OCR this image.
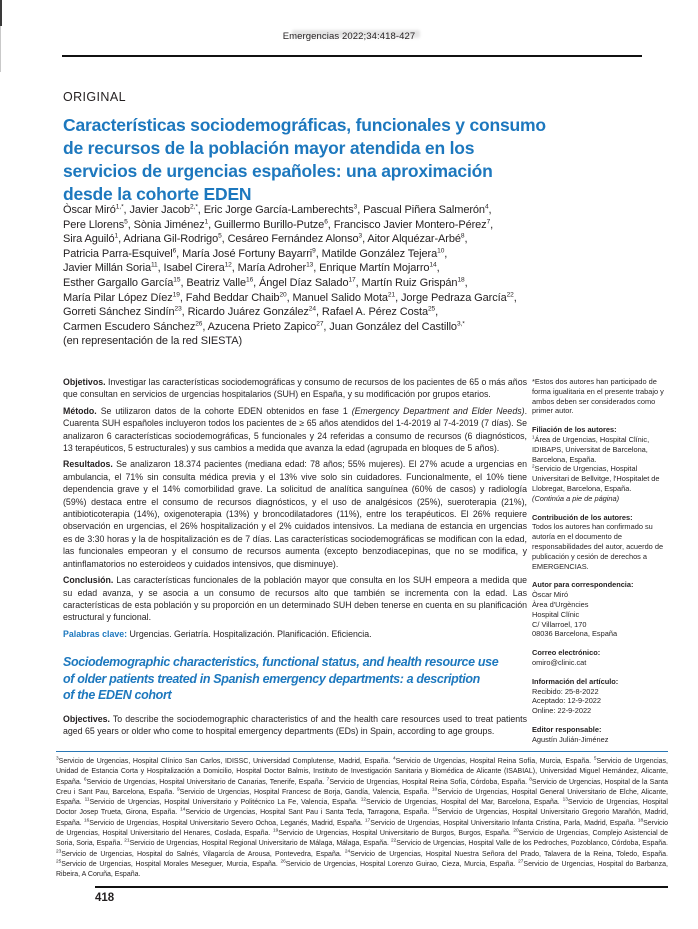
Emergencias 2022;34:418-427
ORIGINAL
Características sociodemográficas, funcionales y consumo
de recursos de la población mayor atendida en los
servicios de urgencias españoles: una aproximación
desde la cohorte EDEN
Òscar Miró$^{1,*}$, Javier Jacob$^{2,*}$, Eric Jorge García-Lamberechts$^3$, Pascual Piñera Salmerón$^4$,
Pere Llorens$^5$, Sònia Jiménez$^1$, Guillermo Burillo-Putze$^6$, Francisco Javier Montero-Pérez$^7$,
Sira Aguiló$^1$, Adriana Gil-Rodrigo$^5$, Cesáreo Fernández Alonso$^3$, Aitor Alquézar-Arbé$^8$,
Patricia Parra-Esquivel$^6$, María José Fortuny Bayarri$^9$, Matilde González Tejera$^{10}$,
Javier Millán Soria$^{11}$, Isabel Cirera$^{12}$, María Adroher$^{13}$, Enrique Martín Mojarro$^{14}$,
Esther Gargallo García$^{15}$, Beatriz Valle$^{16}$, Ángel Díaz Salado$^{17}$, Martín Ruiz Grispán$^{18}$,
María Pilar López Díez$^{19}$, Fahd Beddar Chaib$^{20}$, Manuel Salido Mota$^{21}$, Jorge Pedraza García$^{22}$,
Gorreti Sánchez Sindín$^{23}$, Ricardo Juárez González$^{24}$, Rafael A. Pérez Costa$^{25}$,
Carmen Escudero Sánchez$^{26}$, Azucena Prieto Zapico$^{27}$, Juan González del Castillo$^{3,*}$
(en representación de la red SIESTA)

Objetivos. Investigar las características sociodemográficas y consumo de recursos de los pacientes de 65 o más años que consultan en servicios de urgencias hospitalarios (SUH) en España, y su modificación por grupos etarios.

Método. Se utilizaron datos de la cohorte EDEN obtenidos en fase 1 (Emergency Department and Elder Needs). Cuarenta SUH españoles incluyeron todos los pacientes de ≥ 65 años atendidos del 1-4-2019 al 7-4-2019 (7 días). Se analizaron 6 características sociodemográficas, 5 funcionales y 24 referidas a consumo de recursos (6 diagnósticos, 13 terapéuticos, 5 estructurales) y sus cambios a medida que avanza la edad (agrupada en bloques de 5 años).

Resultados. Se analizaron 18.374 pacientes (mediana edad: 78 años; 55% mujeres). El 27% acude a urgencias en ambulancia, el 71% sin consulta médica previa y el 13% vive solo sin cuidadores. Funcionalmente, el 10% tiene dependencia grave y el 14% comorbilidad grave. La solicitud de analítica sanguínea (60% de casos) y radiología (59%) destaca entre el consumo de recursos diagnósticos, y el uso de analgésicos (25%), sueroterapia (21%), antibioticoterapia (14%), oxigenoterapia (13%) y broncodilatadores (11%), entre los terapéuticos. El 26% requiere observación en urgencias, el 26% hospitalización y el 2% cuidados intensivos. La mediana de estancia en urgencias es de 3:30 horas y la de hospitalización es de 7 días. Las características sociodemográficas se modifican con la edad, las funcionales empeoran y el consumo de recursos aumenta (excepto benzodiacepinas, que no se modifica, y antinflamatorios no esteroideos y cuidados intensivos, que disminuye).

Conclusión. Las características funcionales de la población mayor que consulta en los SUH empeora a medida que su edad avanza, y se asocia a un consumo de recursos alto que también se incrementa con la edad. Las características de esta población y su proporción en un determinado SUH deben tenerse en cuenta en su planificación estructural y funcional.

Palabras clave: Urgencias. Geriatría. Hospitalización. Planificación. Eficiencia.

Sociodemographic characteristics, functional status, and health resource use
of older patients treated in Spanish emergency departments: a description
of the EDEN cohort

Objectives. To describe the sociodemographic characteristics of and the health care resources used to treat patients aged 65 years or older who come to hospital emergency departments (EDs) in Spain, according to age groups.

*Estos dos autores han participado de forma igualitaria en el presente trabajo y ambos deben ser considerados como primer autor.
Filiación de los autores:
$^1$Área de Urgencias, Hospital Clínic, IDIBAPS, Universitat de Barcelona, Barcelona, España.
$^2$Servicio de Urgencias, Hospital Universitari de Bellvitge, l'Hospitalet de Llobregat, Barcelona, España.
(Continúa a pie de página)
Contribución de los autores:
Todos los autores han confirmado su autoría en el documento de responsabilidades del autor, acuerdo de publicación y cesión de derechos a EMERGENCIAS.
Autor para correspondencia:
Òscar Miró
Àrea d'Urgències
Hospital Clínic
C/ Villarroel, 170
08036 Barcelona, España
Correo electrónico:
omiro@clinic.cat
Información del artículo:
Recibido: 25-8-2022
Aceptado: 12-9-2022
Online: 22-9-2022
Editor responsable:
Agustín Julián-Jiménez
$^3$Servicio de Urgencias, Hospital Clínico San Carlos, IDISSC, Universidad Complutense, Madrid, España. $^4$Servicio de Urgencias, Hospital Reina Sofía, Murcia, España. $^5$Servicio de Urgencias, Unidad de Estancia Corta y Hospitalización a Domicilio, Hospital Doctor Balmis, Instituto de Investigación Sanitaria y Biomédica de Alicante (ISABIAL), Universidad Miguel Hernández, Alicante, España. $^6$Servicio de Urgencias, Hospital Universitario de Canarias, Tenerife, España. $^7$Servicio de Urgencias, Hospital Reina Sofía, Córdoba, España. $^8$Servicio de Urgencias, Hospital de la Santa Creu i Sant Pau, Barcelona, España. $^9$Servicio de Urgencias, Hospital Francesc de Borja, Gandía, Valencia, España. $^{10}$Servicio de Urgencias, Hospital General Universitario de Elche, Alicante, España. $^{11}$Servicio de Urgencias, Hospital Universitario y Politécnico La Fe, Valencia, España. $^{12}$Servicio de Urgencias, Hospital del Mar, Barcelona, España. $^{13}$Servicio de Urgencias, Hospital Doctor Josep Trueta, Girona, España. $^{14}$Servicio de Urgencias, Hospital Sant Pau i Santa Tecla, Tarragona, España. $^{15}$Servicio de Urgencias, Hospital Universitario Gregorio Marañón, Madrid, España. $^{16}$Servicio de Urgencias, Hospital Universitario Severo Ochoa, Leganés, Madrid, España. $^{17}$Servicio de Urgencias, Hospital Universitario Infanta Cristina, Parla, Madrid, España. $^{18}$Servicio de Urgencias, Hospital Universitario del Henares, Coslada, España. $^{19}$Servicio de Urgencias, Hospital Universitario de Burgos, Burgos, España. $^{20}$Servicio de Urgencias, Complejo Asistencial de Soria, Soria, España. $^{21}$Servicio de Urgencias, Hospital Regional Universitario de Málaga, Málaga, España. $^{22}$Servicio de Urgencias, Hospital Valle de los Pedroches, Pozoblanco, Córdoba, España. $^{23}$Servicio de Urgencias, Hospital do Salnés, Vilagarcía de Arousa, Pontevedra, España. $^{24}$Servicio de Urgencias, Hospital Nuestra Señora del Prado, Talavera de la Reina, Toledo, España. $^{25}$Servicio de Urgencias, Hospital Morales Meseguer, Murcia, España. $^{26}$Servicio de Urgencias, Hospital Lorenzo Guirao, Cieza, Murcia, España. $^{27}$Servicio de Urgencias, Hospital do Barbanza, Ribeira, A Coruña, España.
418
